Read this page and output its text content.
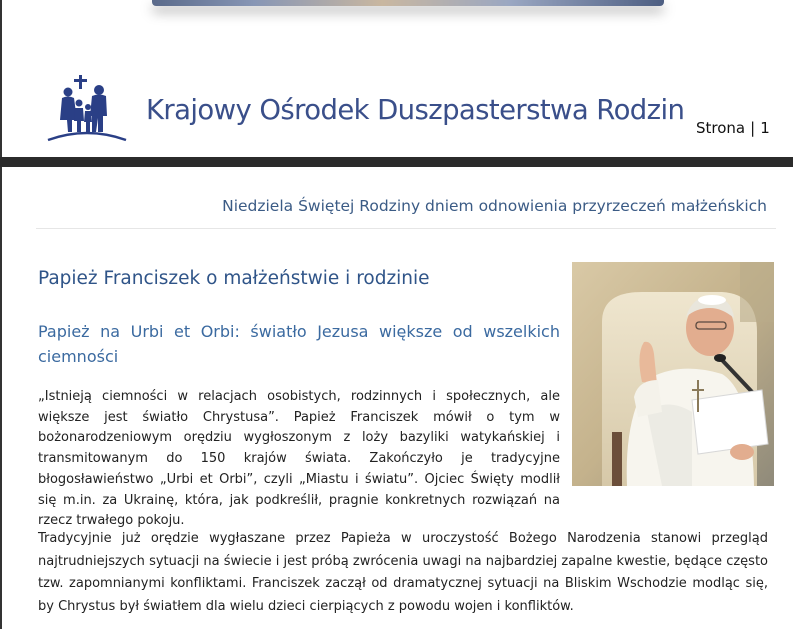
Krajowy Ośrodek Duszpasterstwa Rodzin
Strona | 1
Niedziela Świętej Rodziny dniem odnowienia przyrzeczeń małżeńskich
Papież Franciszek o małżeństwie i rodzinie
Papież na Urbi et Orbi: światło Jezusa większe od wszelkich ciemności
„Istnieją ciemności w relacjach osobistych, rodzinnych i społecznych, ale większe jest światło Chrystusa”. Papież Franciszek mówił o tym w bożonarodzeniowym orędziu wygłoszonym z loży bazyliki watykańskiej i transmitowanym do 150 krajów świata. Zakończyło je tradycyjne błogosławieństwo „Urbi et Orbi”, czyli „Miastu i światu”. Ojciec Święty modlił się m.in. za Ukrainę, która, jak podkreślił, pragnie konkretnych rozwiązań na rzecz trwałego pokoju.
Tradycyjnie już orędzie wygłaszane przez Papieża w uroczystość Bożego Narodzenia stanowi przegląd najtrudniejszych sytuacji na świecie i jest próbą zwrócenia uwagi na najbardziej zapalne kwestie, będące często tzw. zapomnianymi konfliktami. Franciszek zaczął od dramatycznej sytuacji na Bliskim Wschodzie modląc się, by Chrystus był światłem dla wielu dzieci cierpiących z powodu wojen i konfliktów.
